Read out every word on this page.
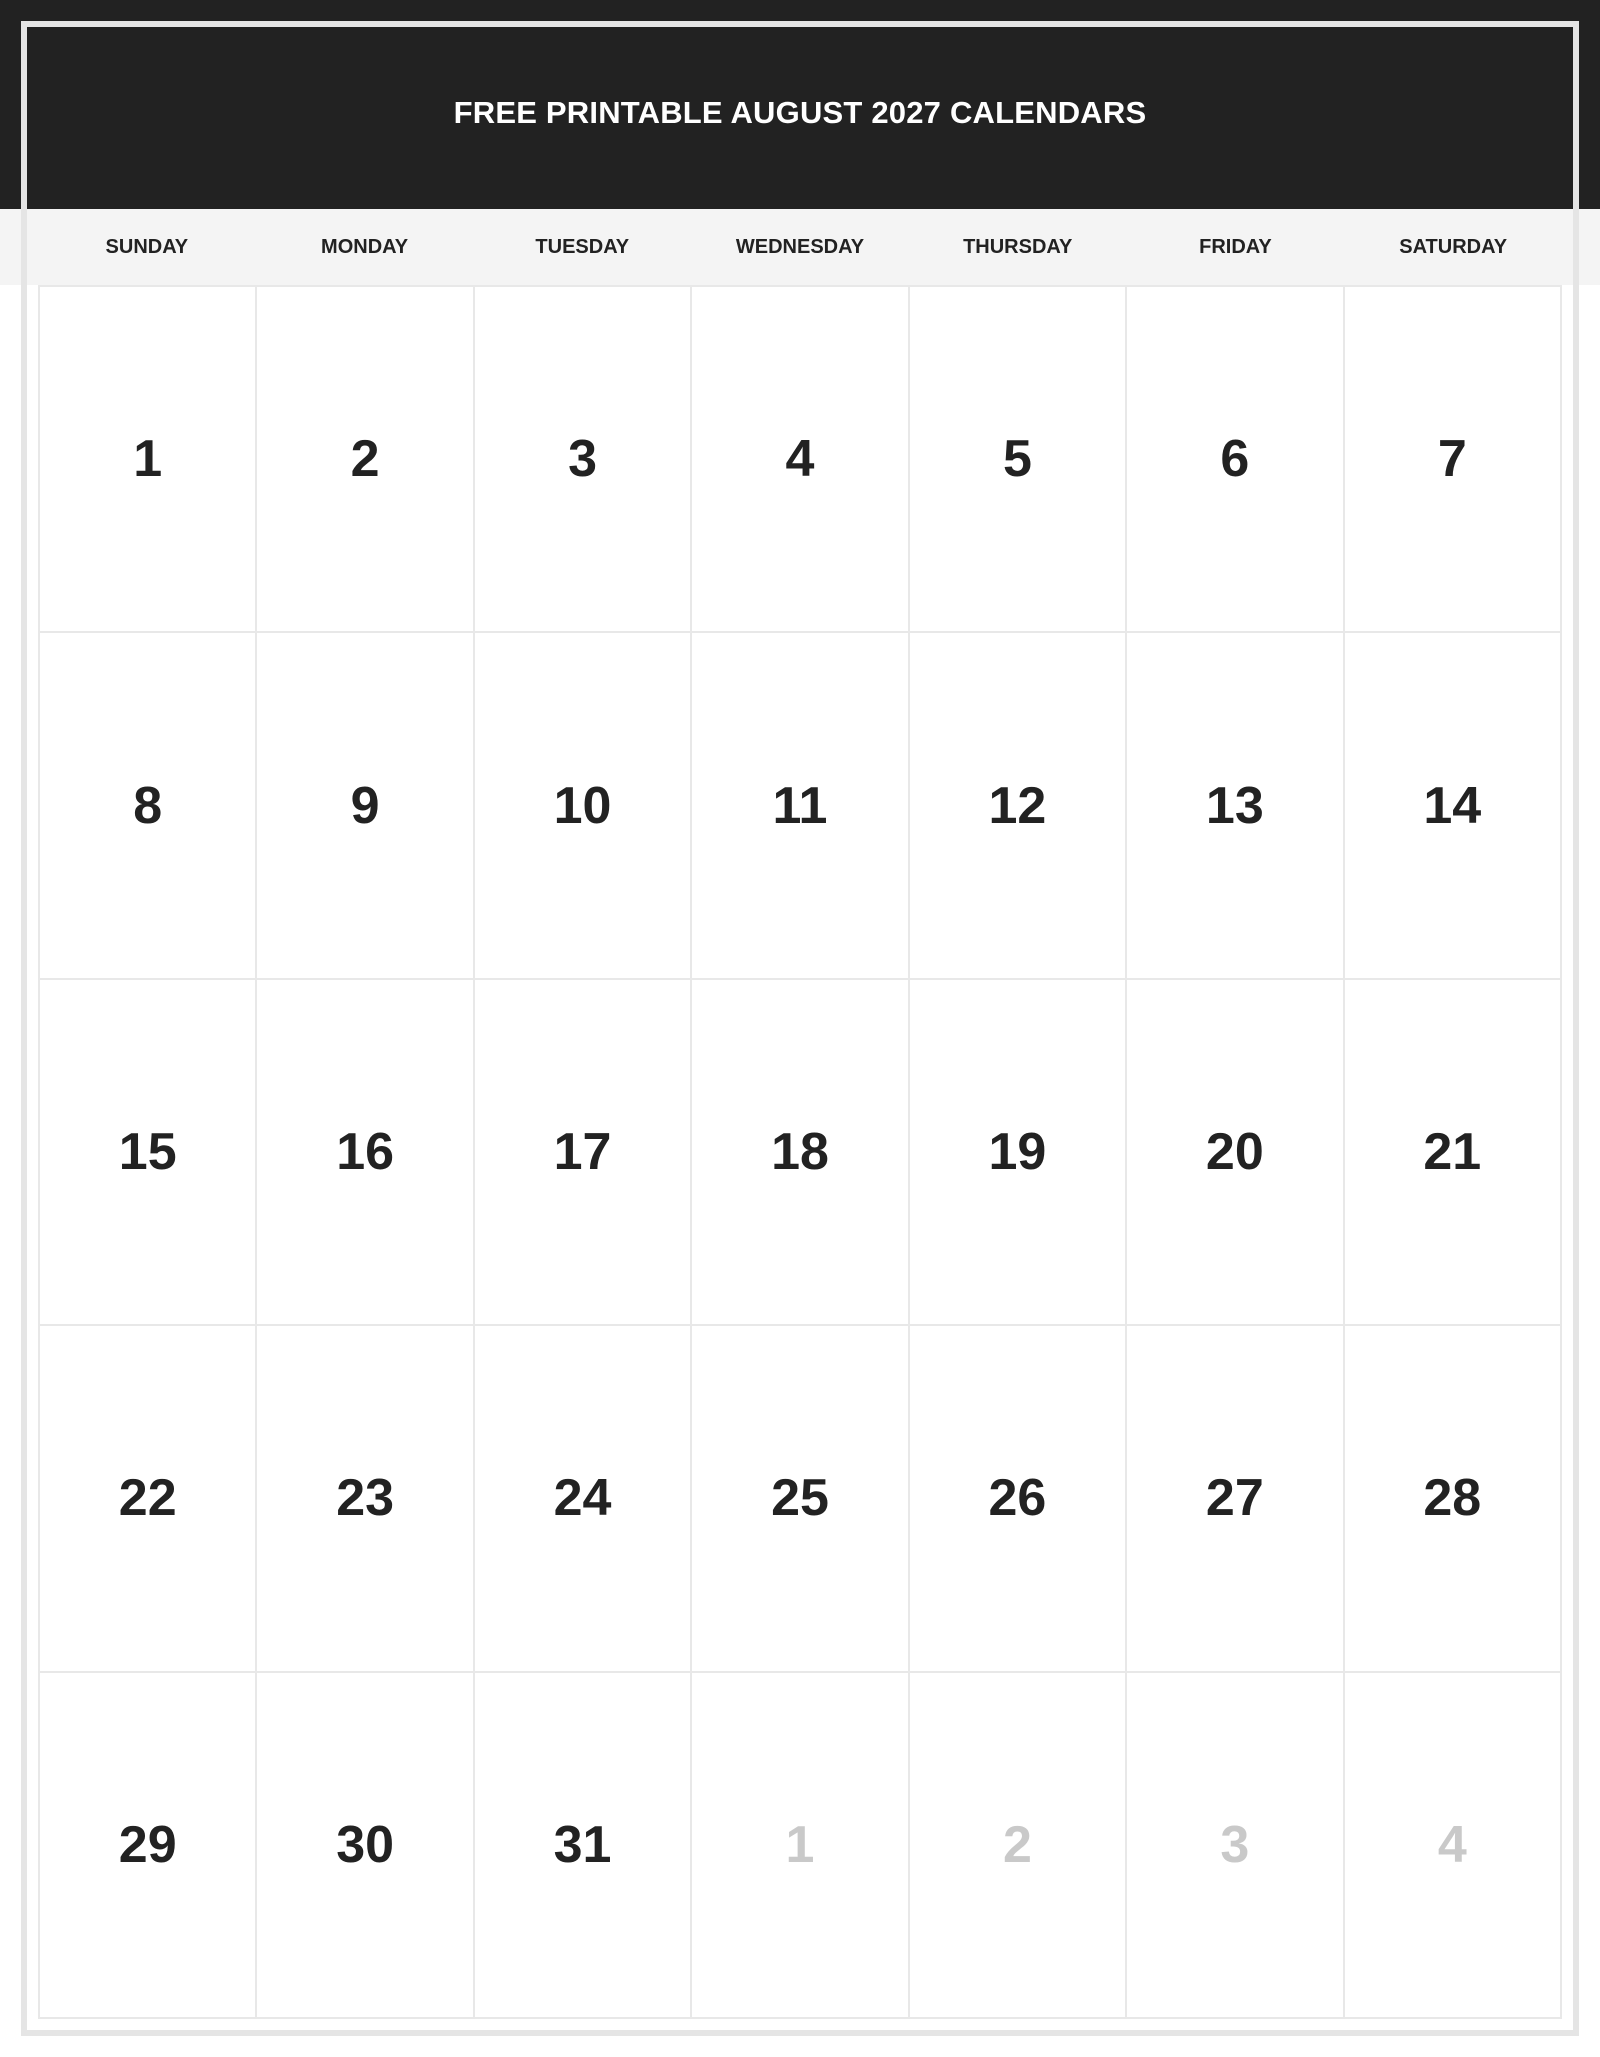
FREE PRINTABLE AUGUST 2027 CALENDARS
SUNDAY	MONDAY	TUESDAY	WEDNESDAY	THURSDAY	FRIDAY	SATURDAY
1	2	3	4	5	6	7
8	9	10	11	12	13	14
15	16	17	18	19	20	21
22	23	24	25	26	27	28
29	30	31	1	2	3	4
